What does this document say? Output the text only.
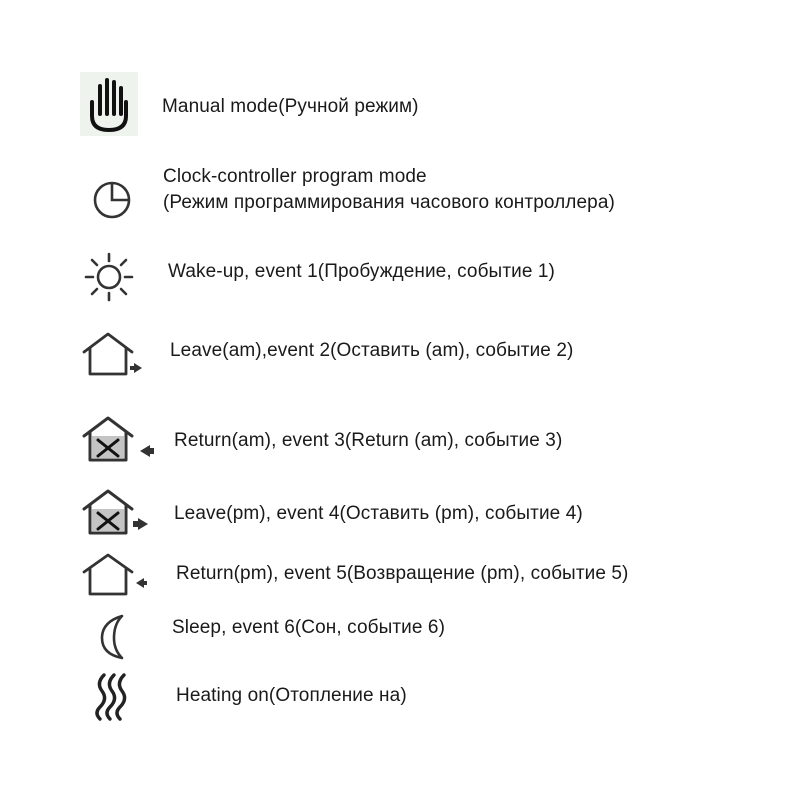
Manual mode(Ручной режим)
Clock-controller program mode
(Режим программирования часового контроллера)
Wake-up, event 1(Пробуждение, событие 1)
Leave(am),event 2(Оставить (am), событие 2)
Return(am), event 3(Return (am), событие 3)
Leave(pm), event 4(Оставить (pm), событие 4)
Return(pm), event 5(Возвращение (pm), событие 5)
Sleep, event 6(Сон, событие 6)
Heating on(Отопление на)
